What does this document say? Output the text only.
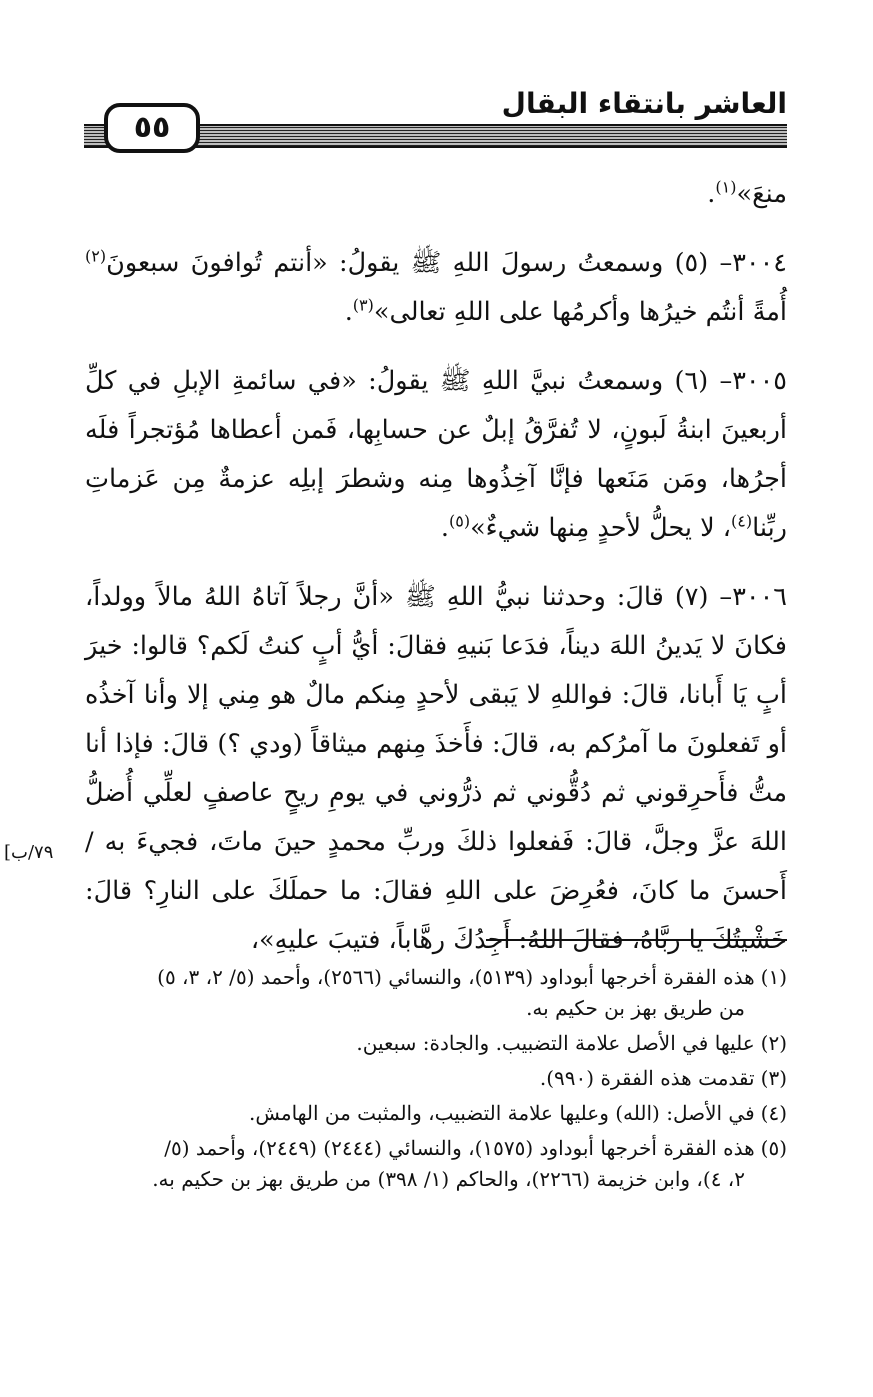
٥٥
العاشر بانتقاء البقال
[٧٩/ب

منعَ»$^{(١)}$.

٣٠٠٤– (٥) وسمعتُ رسولَ اللهِ ﷺ يقولُ: «أنتم تُوافونَ سبعونَ$^{(٢)}$ أُمةً أنتُم خيرُها وأكرمُها على اللهِ تعالى»$^{(٣)}$.

٣٠٠٥– (٦) وسمعتُ نبيَّ اللهِ ﷺ يقولُ: «في سائمةِ الإبلِ في كلِّ أربعينَ ابنةُ لَبونٍ، لا تُفرَّقُ إبلٌ عن حسابِها، فَمن أعطاها مُؤتجراً فلَه أجرُها، ومَن مَنَعها فإنَّا آخِذُوها مِنه وشطرَ إبلِه عزمةٌ مِن عَزماتِ ربِّنا$^{(٤)}$، لا يحلُّ لأحدٍ مِنها شيءٌ»$^{(٥)}$.

٣٠٠٦– (٧) قالَ: وحدثنا نبيُّ اللهِ ﷺ «أنَّ رجلاً آتاهُ اللهُ مالاً وولداً، فكانَ لا يَدينُ اللهَ ديناً، فدَعا بَنيهِ فقالَ: أيُّ أبٍ كنتُ لَكم؟ قالوا: خيرَ أبٍ يَا أَبانا، قالَ: فواللهِ لا يَبقى لأحدٍ مِنكم مالٌ هو مِني إلا وأنا آخذُه أو تَفعلونَ ما آمرُكم به، قالَ: فأَخذَ مِنهم ميثاقاً (ودي ؟) قالَ: فإذا أنا متُّ فأَحرِقوني ثم دُقُّوني ثم ذرُّوني في يومِ ريحٍ عاصفٍ لعلِّي أُضلُّ اللهَ عزَّ وجلَّ، قالَ: فَفعلوا ذلكَ وربِّ محمدٍ حينَ ماتَ، فجيءَ به / أَحسنَ ما كانَ، فعُرِضَ على اللهِ فقالَ: ما حملَكَ على النارِ؟ قالَ: خَشْيتُكَ يا ربَّاهُ، فقالَ اللهُ: أَجِدُكَ رهَّاباً، فتيبَ عليهِ»،

(١)هذه الفقرة أخرجها أبوداود (٥١٣٩)، والنسائي (٢٥٦٦)، وأحمد (٥/ ٢، ٣، ٥)
من طريق بهز بن حكيم به.

(٢)عليها في الأصل علامة التضبيب. والجادة: سبعين.

(٣)تقدمت هذه الفقرة (٩٩٠).

(٤)في الأصل: (الله) وعليها علامة التضبيب، والمثبت من الهامش.

(٥)هذه الفقرة أخرجها أبوداود (١٥٧٥)، والنسائي (٢٤٤٤) (٢٤٤٩)، وأحمد (٥/
٢، ٤)، وابن خزيمة (٢٢٦٦)، والحاكم (١/ ٣٩٨) من طريق بهز بن حكيم به.
